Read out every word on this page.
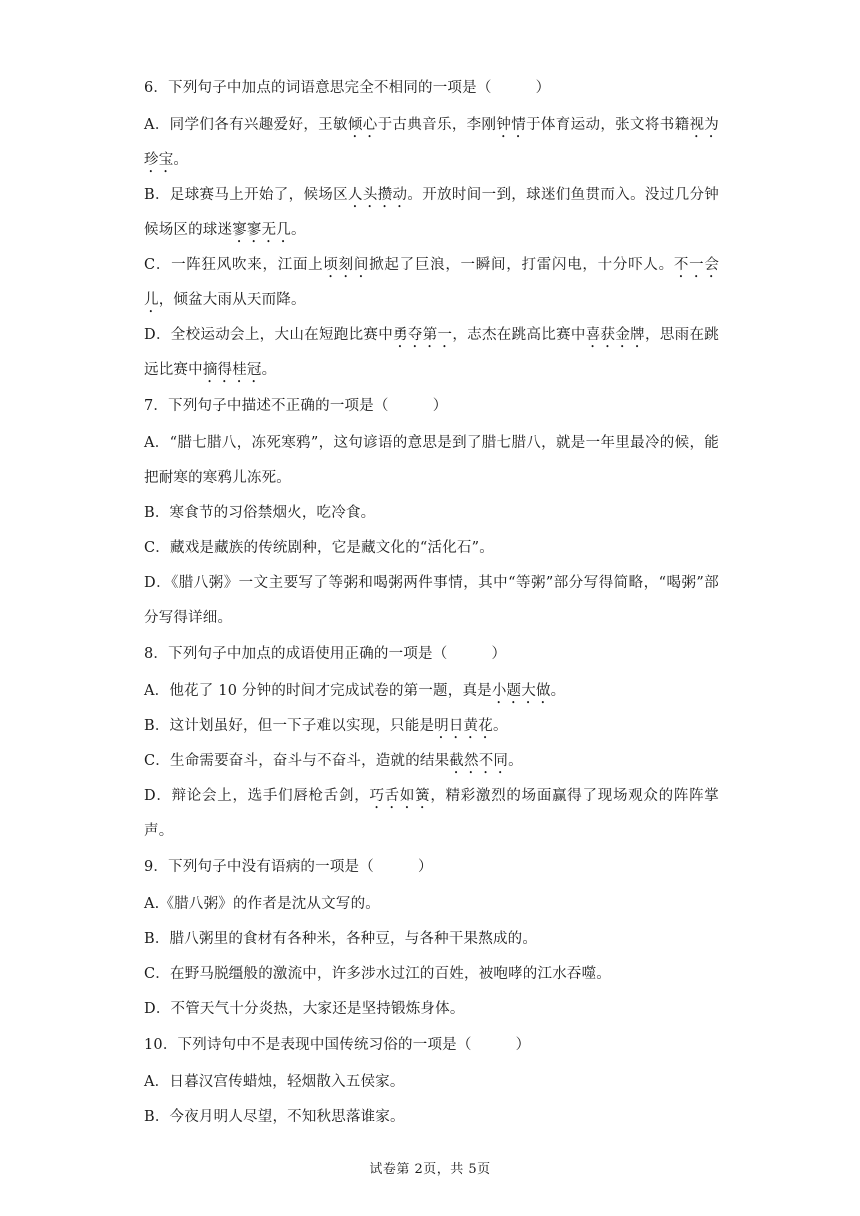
6．下列句子中加点的词语意思完全不相同的一项是（　　　）

A．同学们各有兴趣爱好，王敏倾心于古典音乐，李刚钟情于体育运动，张文将书籍视为珍宝。

B．足球赛马上开始了，候场区人头攒动。开放时间一到，球迷们鱼贯而入。没过几分钟候场区的球迷寥寥无几。

C．一阵狂风吹来，江面上顷刻间掀起了巨浪，一瞬间，打雷闪电，十分吓人。不一会儿，倾盆大雨从天而降。

D．全校运动会上，大山在短跑比赛中勇夺第一，志杰在跳高比赛中喜获金牌，思雨在跳远比赛中摘得桂冠。

7．下列句子中描述不正确的一项是（　　　）

A．“腊七腊八，冻死寒鸦”，这句谚语的意思是到了腊七腊八，就是一年里最冷的候，能把耐寒的寒鸦儿冻死。

B．寒食节的习俗禁烟火，吃冷食。

C．藏戏是藏族的传统剧种，它是藏文化的“活化石”。

D．《腊八粥》一文主要写了等粥和喝粥两件事情，其中“等粥”部分写得简略，“喝粥”部分写得详细。

8．下列句子中加点的成语使用正确的一项是（　　　）

A．他花了 10 分钟的时间才完成试卷的第一题，真是小题大做。

B．这计划虽好，但一下子难以实现，只能是明日黄花。

C．生命需要奋斗，奋斗与不奋斗，造就的结果截然不同。

D．辩论会上，选手们唇枪舌剑，巧舌如簧，精彩激烈的场面赢得了现场观众的阵阵掌声。

9．下列句子中没有语病的一项是（　　　）

A.《腊八粥》的作者是沈从文写的。

B．腊八粥里的食材有各种米，各种豆，与各种干果熬成的。

C．在野马脱缰般的激流中，许多涉水过江的百姓，被咆哮的江水吞噬。

D．不管天气十分炎热，大家还是坚持锻炼身体。

10．下列诗句中不是表现中国传统习俗的一项是（　　　）

A．日暮汉宫传蜡烛，轻烟散入五侯家。

B．今夜月明人尽望，不知秋思落谁家。

试卷第 2页，共 5页
